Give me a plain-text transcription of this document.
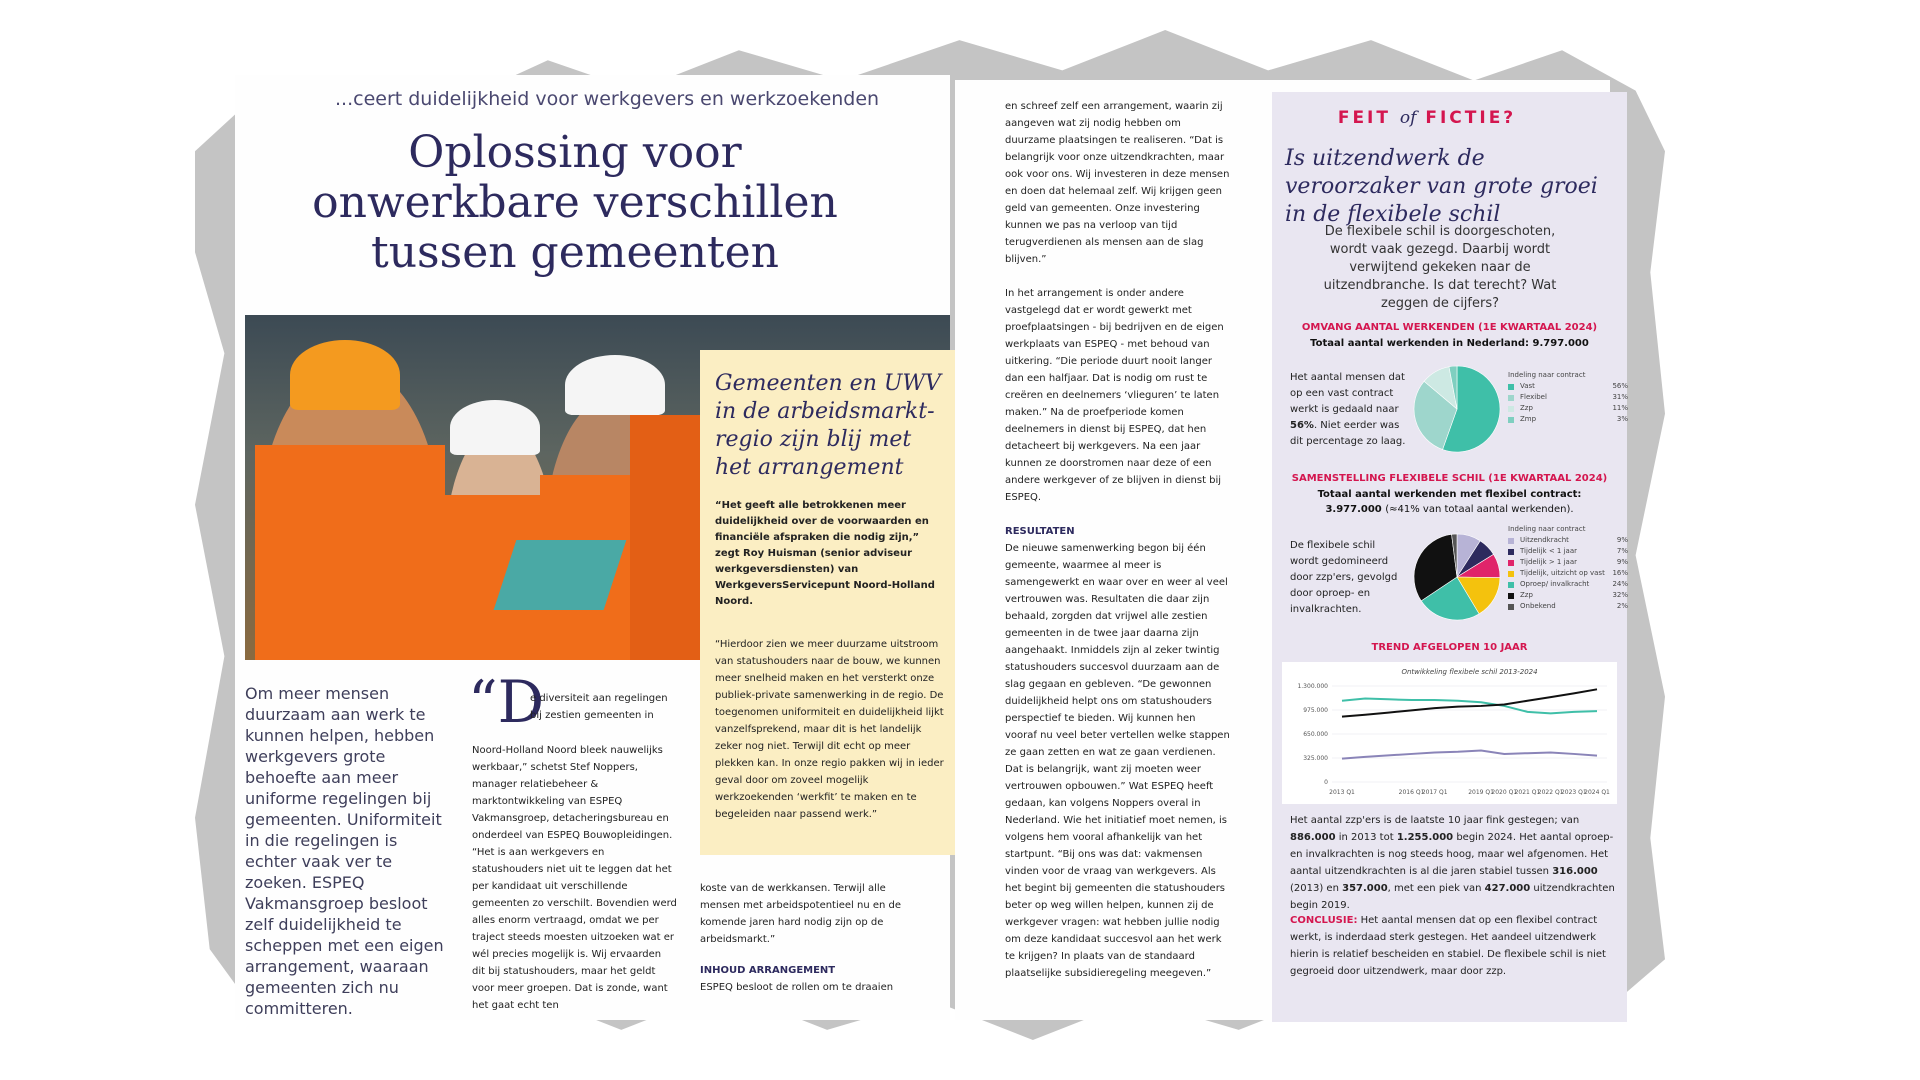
...ceert duidelijkheid voor werkgevers en werkzoekenden
Oplossing voor onwerkbare verschillen tussen gemeenten
Gemeenten en UWV in de arbeidsmarkt-regio zijn blij met het arrangement
“Het geeft alle betrokkenen meer duidelijkheid over de voorwaarden en financiële afspraken die nodig zijn,” zegt Roy Huisman (senior adviseur werkgeversdiensten) van WerkgeversServicepunt Noord-Holland Noord.
“Hierdoor zien we meer duurzame uitstroom van statushouders naar de bouw, we kunnen meer snelheid maken en het versterkt onze publiek-private samenwerking in de regio. De toegenomen uniformiteit en duidelijkheid lijkt vanzelfsprekend, maar dit is het landelijk zeker nog niet. Terwijl dit echt op meer plekken kan. In onze regio pakken wij in ieder geval door om zoveel mogelijk werkzoekenden ‘werkfit’ te maken en te begeleiden naar passend werk.”
Om meer mensen duurzaam aan werk te kunnen helpen, hebben werkgevers grote behoefte aan meer uniforme regelingen bij gemeenten. Uniformiteit in die regelingen is echter vaak ver te zoeken. ESPEQ Vakmansgroep besloot zelf duidelijkheid te scheppen met een eigen arrangement, waaraan gemeenten zich nu committeren.
“D
e diversiteit aan regelingen bij zestien gemeenten in
Noord-Holland Noord bleek nauwelijks werkbaar,” schetst Stef Noppers, manager relatiebeheer & marktontwikkeling van ESPEQ Vakmansgroep, detacheringsbureau en onderdeel van ESPEQ Bouwopleidingen. “Het is aan werkgevers en statushouders niet uit te leggen dat het per kandidaat uit verschillende gemeenten zo verschilt. Bovendien werd alles enorm vertraagd, omdat we per traject steeds moesten uitzoeken wat er wél precies mogelijk is. Wij ervaarden dit bij statushouders, maar het geldt voor meer groepen. Dat is zonde, want het gaat echt ten
koste van de werkkansen. Terwijl alle mensen met arbeidspotentieel nu en de komende jaren hard nodig zijn op de arbeidsmarkt.”
INHOUD ARRANGEMENT
ESPEQ besloot de rollen om te draaien

en schreef zelf een arrangement, waarin zij aangeven wat zij nodig hebben om duurzame plaatsingen te realiseren. “Dat is belangrijk voor onze uitzendkrachten, maar ook voor ons. Wij investeren in deze mensen en doen dat helemaal zelf. Wij krijgen geen geld van gemeenten. Onze investering kunnen we pas na verloop van tijd terugverdienen als mensen aan de slag blijven.”

In het arrangement is onder andere vastgelegd dat er wordt gewerkt met proefplaatsingen - bij bedrijven en de eigen werkplaats van ESPEQ - met behoud van uitkering. “Die periode duurt nooit langer dan een halfjaar. Dat is nodig om rust te creëren en deelnemers ‘vlieguren’ te laten maken.” Na de proefperiode komen deelnemers in dienst bij ESPEQ, dat hen detacheert bij werkgevers. Na een jaar kunnen ze doorstromen naar deze of een andere werkgever of ze blijven in dienst bij ESPEQ.

RESULTATEN

De nieuwe samenwerking begon bij één gemeente, waarmee al meer is samengewerkt en waar over en weer al veel vertrouwen was. Resultaten die daar zijn behaald, zorgden dat vrijwel alle zestien gemeenten in de twee jaar daarna zijn aangehaakt. Inmiddels zijn al zeker twintig statushouders succesvol duurzaam aan de slag gegaan en gebleven. “De gewonnen duidelijkheid helpt ons om statushouders perspectief te bieden. Wij kunnen hen vooraf nu veel beter vertellen welke stappen ze gaan zetten en wat ze gaan verdienen. Dat is belangrijk, want zij moeten weer vertrouwen opbouwen.” Wat ESPEQ heeft gedaan, kan volgens Noppers overal in Nederland. Wie het initiatief moet nemen, is volgens hem vooral afhankelijk van het startpunt. “Bij ons was dat: vakmensen vinden voor de vraag van werkgevers. Als het begint bij gemeenten die statushouders beter op weg willen helpen, kunnen zij de werkgever vragen: wat hebben jullie nodig om deze kandidaat succesvol aan het werk te krijgen? In plaats van de standaard plaatselijke subsidieregeling meegeven.”

FEIT of FICTIE?
Is uitzendwerk de veroorzaker van grote groei in de flexibele schil
De flexibele schil is doorgeschoten, wordt vaak gezegd. Daarbij wordt verwijtend gekeken naar de uitzendbranche. Is dat terecht? Wat zeggen de cijfers?
OMVANG AANTAL WERKENDEN (1E KWARTAAL 2024)
Totaal aantal werkenden in Nederland: 9.797.000
Het aantal mensen dat op een vast contract werkt is gedaald naar 56%. Niet eerder was dit percentage zo laag.
Indeling naar contract
Vast	56%
Flexibel	31%
Zzp	11%
Zmp	3%
SAMENSTELLING FLEXIBELE SCHIL (1E KWARTAAL 2024)
Totaal aantal werkenden met flexibel contract: 3.977.000 (≈41% van totaal aantal werkenden).
De flexibele schil wordt gedomineerd door zzp'ers, gevolgd door oproep- en invalkrachten.
Indeling naar contract
Uitzendkracht	9%
Tijdelijk < 1 jaar	7%
Tijdelijk > 1 jaar	9%
Tijdelijk, uitzicht op vast 16%
Oproep/ invalkracht	24%
Zzp	32%
Onbekend	2%
TREND AFGELOPEN 10 JAAR
Ontwikkeling flexibele schil 2013-2024
0
325.000
650.000
975.000
1.300.000
2013 Q1	2016 Q1
2017 Q1	2019 Q1
2020 Q1
2021 Q1
2022 Q1
2023 Q1
2024 Q1
Het aantal zzp'ers is de laatste 10 jaar fink gestegen; van 886.000 in 2013 tot 1.255.000 begin 2024. Het aantal oproep- en invalkrachten is nog steeds hoog, maar wel afgenomen. Het aantal uitzendkrachten is al die jaren stabiel tussen 316.000 (2013) en 357.000, met een piek van 427.000 uitzendkrachten begin 2019.
CONCLUSIE: Het aantal mensen dat op een flexibel contract werkt, is inderdaad sterk gestegen. Het aandeel uitzendwerk hierin is relatief bescheiden en stabiel. De flexibele schil is niet gegroeid door uitzendwerk, maar door zzp.
